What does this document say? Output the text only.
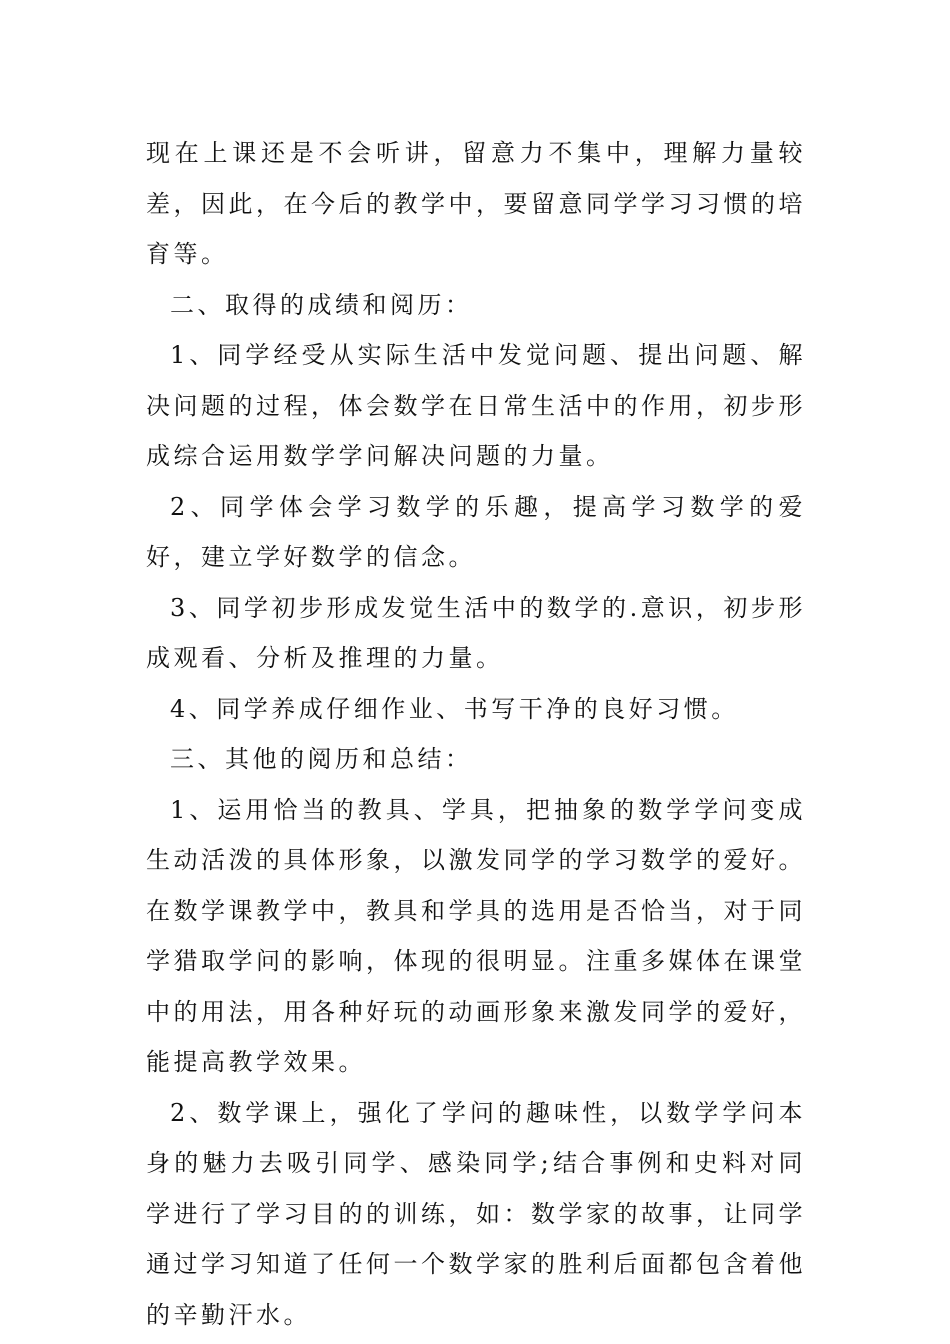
现在上课还是不会听讲，留意力不集中，理解力量较差，因此，在今后的教学中，要留意同学学习习惯的培育等。

二、取得的成绩和阅历：

1、同学经受从实际生活中发觉问题、提出问题、解决问题的过程，体会数学在日常生活中的作用，初步形成综合运用数学学问解决问题的力量。

2、同学体会学习数学的乐趣，提高学习数学的爱好，建立学好数学的信念。

3、同学初步形成发觉生活中的数学的.意识，初步形成观看、分析及推理的力量。

4、同学养成仔细作业、书写干净的良好习惯。

三、其他的阅历和总结：

1、运用恰当的教具、学具，把抽象的数学学问变成生动活泼的具体形象，以激发同学的学习数学的爱好。在数学课教学中，教具和学具的选用是否恰当，对于同学猎取学问的影响，体现的很明显。注重多媒体在课堂中的用法，用各种好玩的动画形象来激发同学的爱好，能提高教学效果。

2、数学课上，强化了学问的趣味性，以数学学问本身的魅力去吸引同学、感染同学;结合事例和史料对同学进行了学习目的的训练，如：数学家的故事，让同学通过学习知道了任何一个数学家的胜利后面都包含着他的辛勤汗水。
